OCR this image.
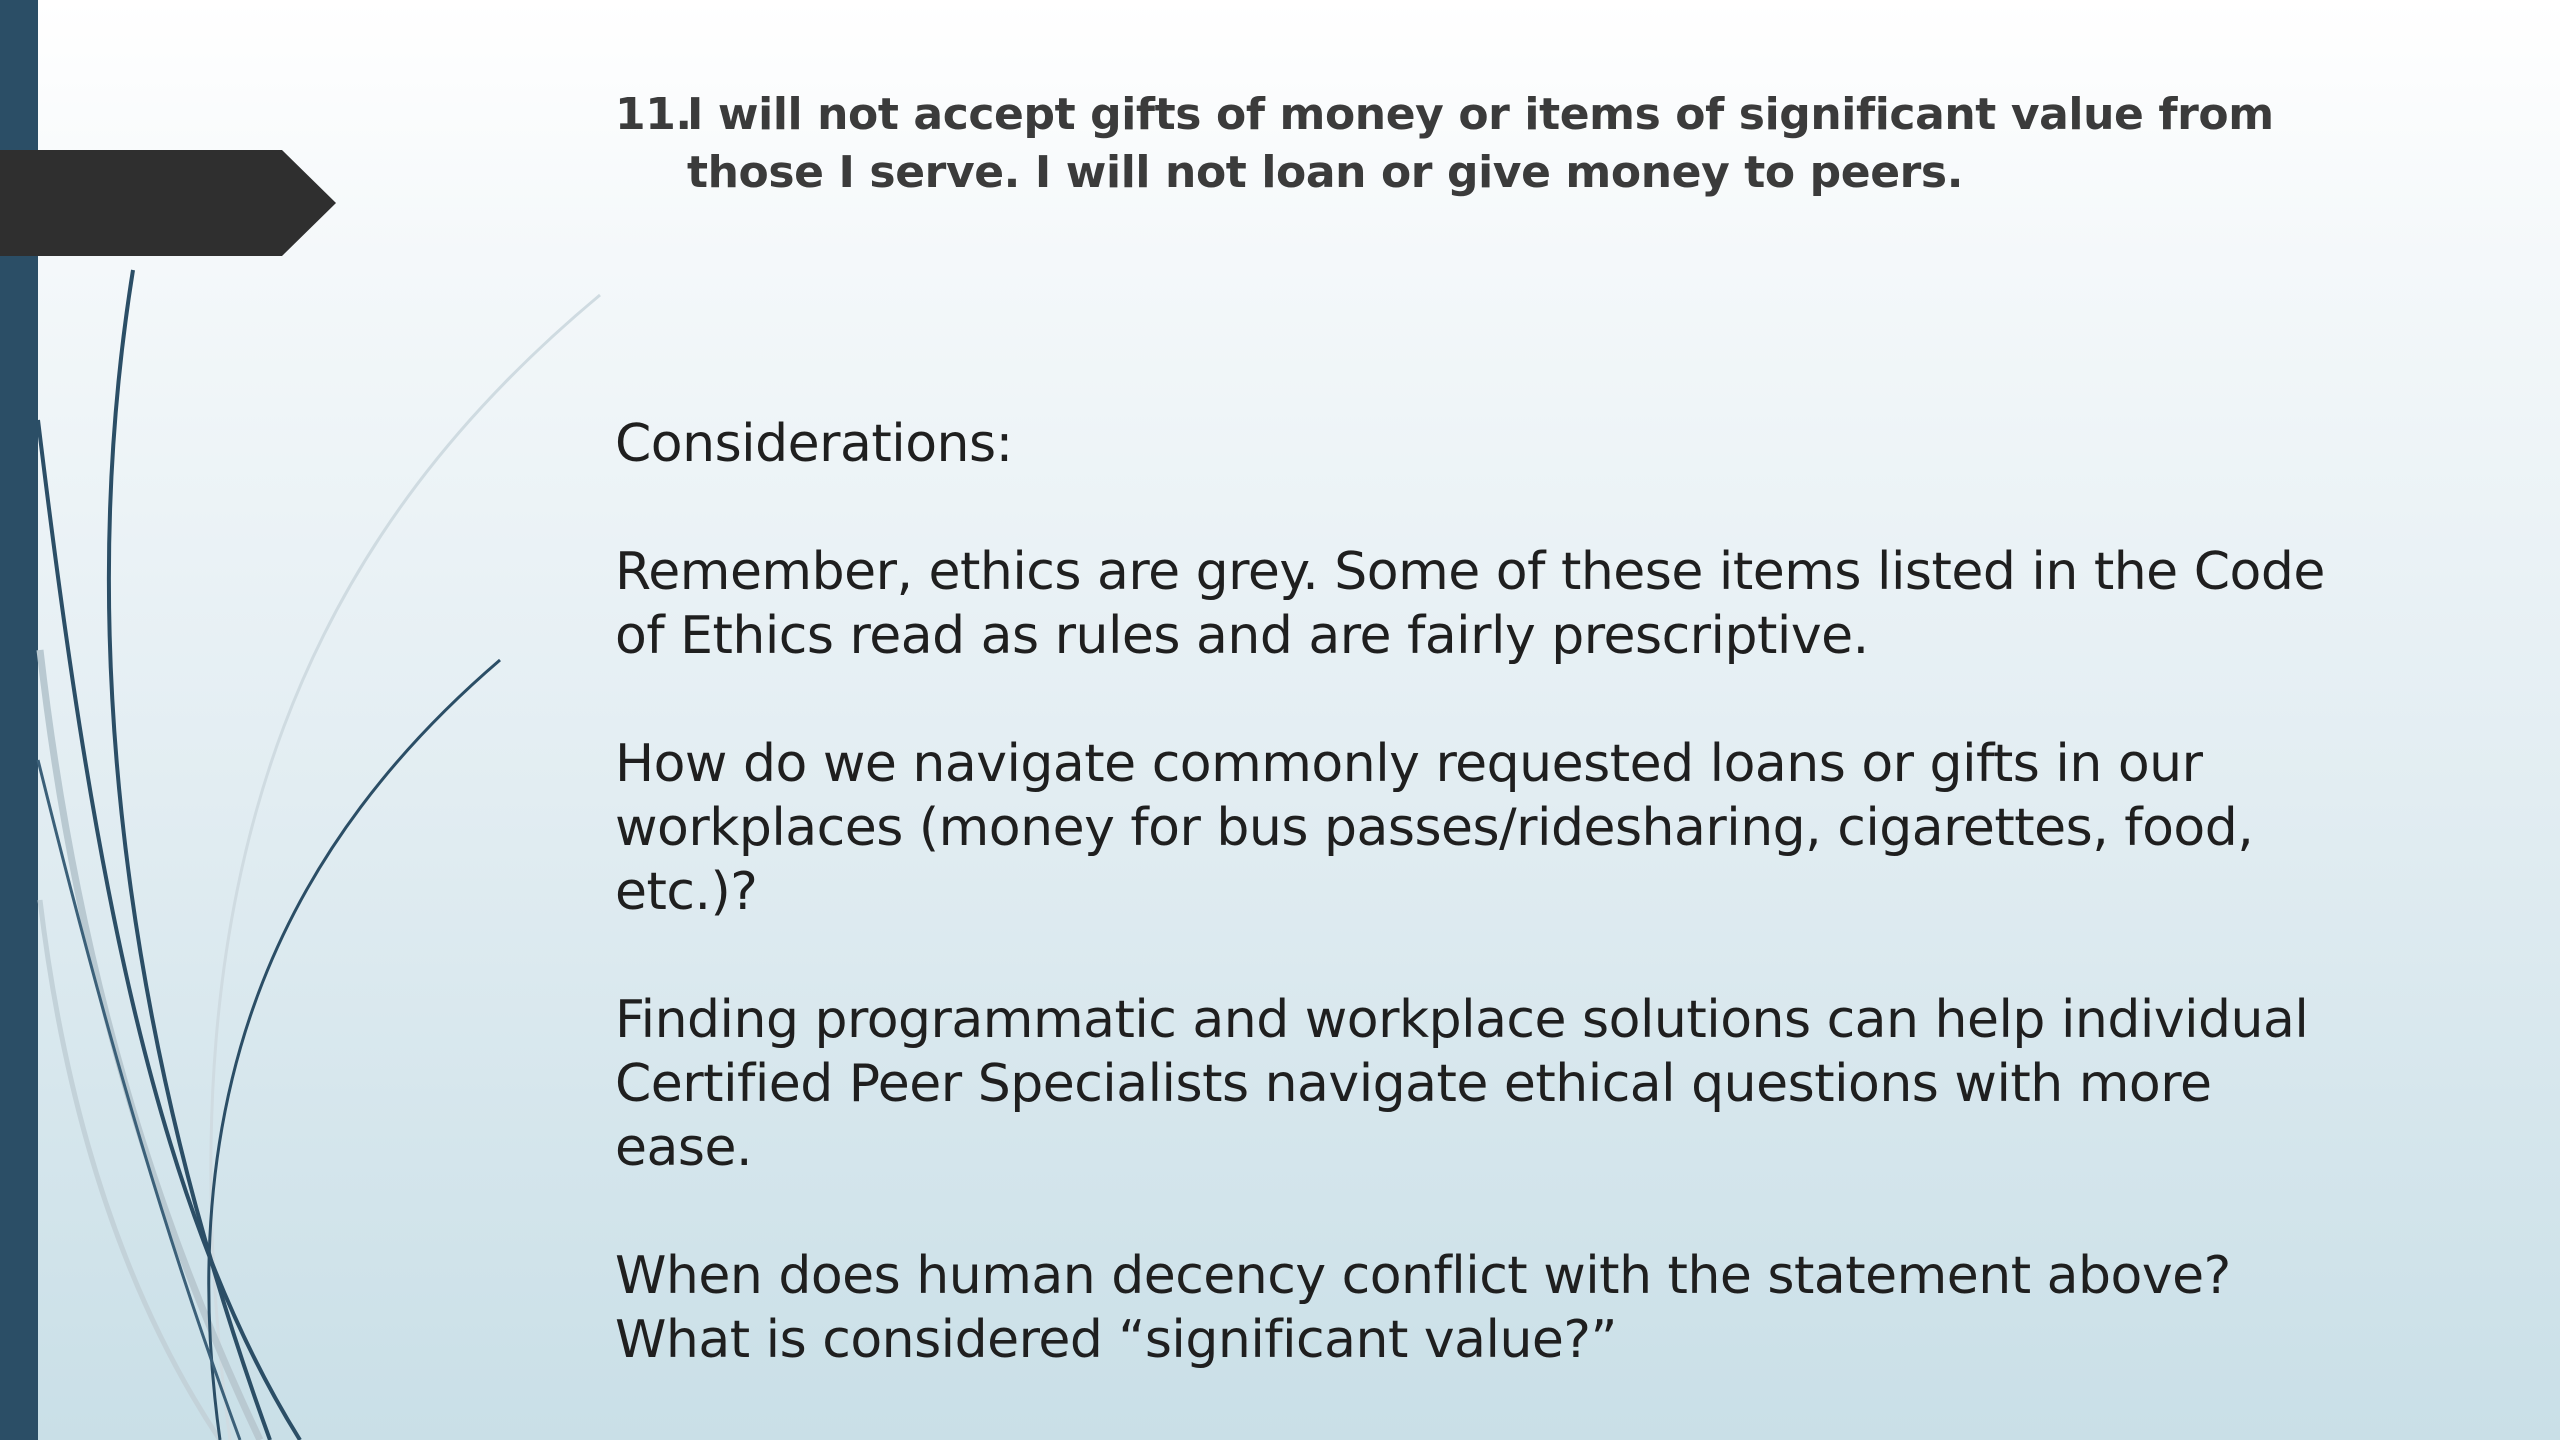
11.I will not accept gifts of money or items of significant value from those I serve. I will not loan or give money to peers.

Considerations:

Remember, ethics are grey. Some of these items listed in the Code of Ethics read as rules and are fairly prescriptive.

How do we navigate commonly requested loans or gifts in our workplaces (money for bus passes/ridesharing, cigarettes, food, etc.)?

Finding programmatic and workplace solutions can help individual Certified Peer Specialists navigate ethical questions with more ease.

When does human decency conflict with the statement above? What is considered “significant value?”
